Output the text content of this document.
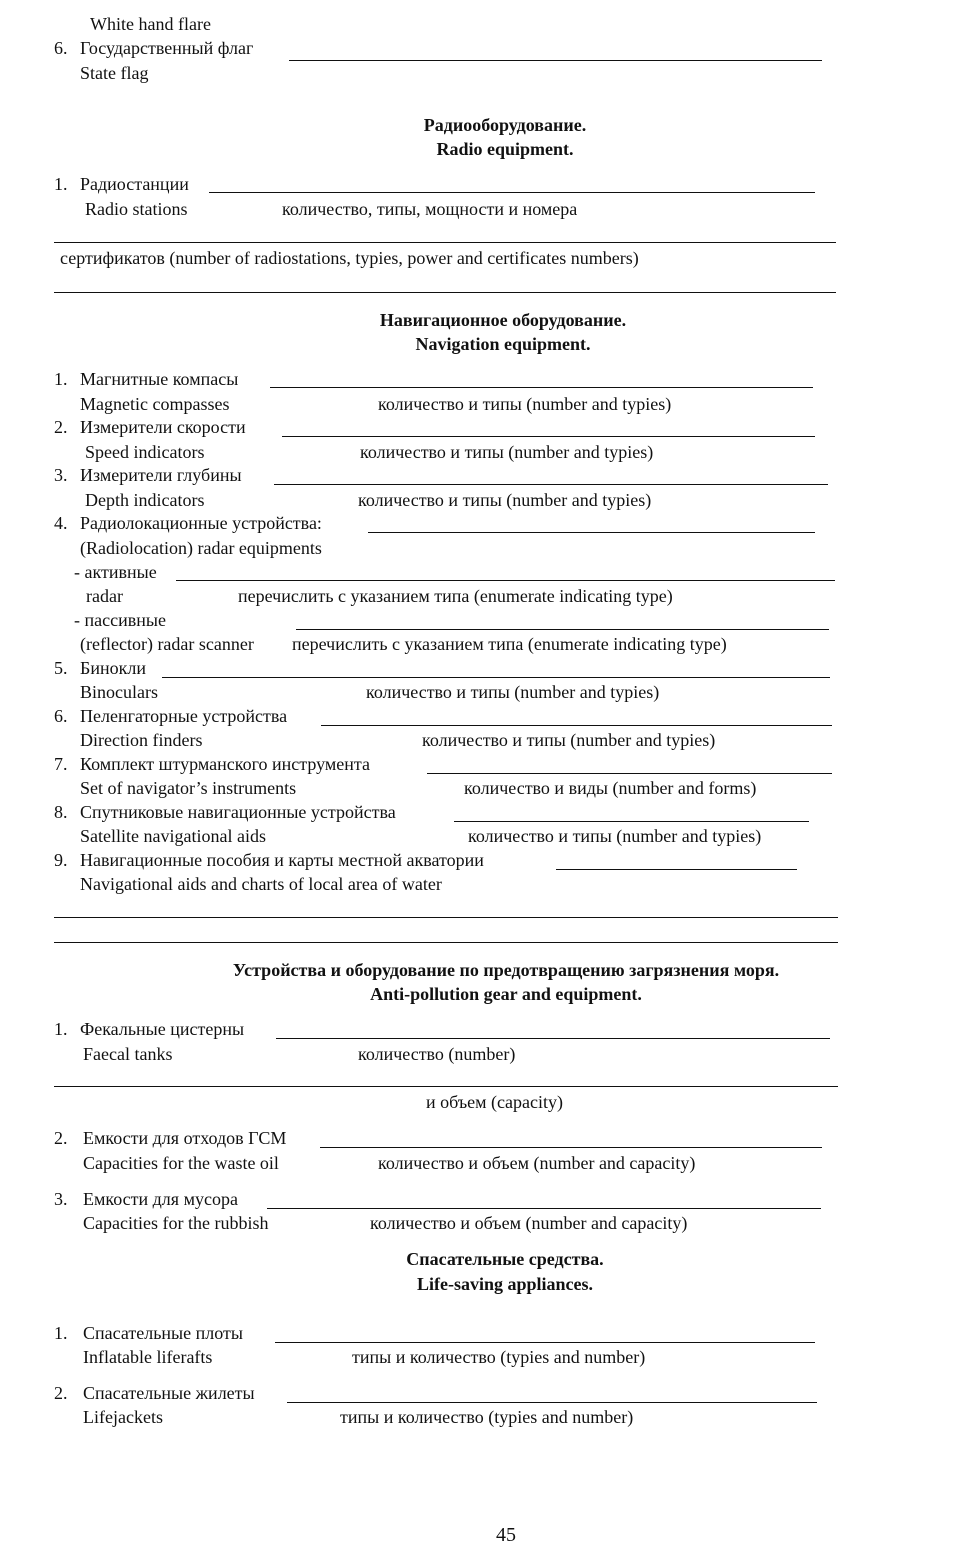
White hand flare
6. Государственный флаг
State flag
Радиооборудование.
Radio equipment.
1. Радиостанции
Radio stations	количество, типы, мощности и номера
сертификатов (number of radiostations, typies, power and certificates numbers)
Навигационное оборудование.
Navigation equipment.
1. Магнитные компасы
Magnetic compasses	количество и типы (number and typies)
2. Измерители скорости
Speed indicators	количество и типы (number and typies)
3. Измерители глубины
Depth indicators	количество и типы (number and typies)
4. Радиолокационные устройства:
(Radiolocation) radar equipments
- активные
radar	перечислить с указанием типа (enumerate indicating type)
- пассивные
(reflector) radar scanner перечислить с указанием типа (enumerate indicating type)
5. Бинокли
Binoculars	количество и типы (number and typies)
6. Пеленгаторные устройства
Direction finders	количество и типы (number and typies)
7. Комплект штурманского инструмента
Set of navigator’s instruments	количество и виды (number and forms)
8. Спутниковые навигационные устройства
Satellite navigational aids	количество и типы (number and typies)
9. Навигационные пособия и карты местной акватории
Navigational aids and charts of local area of water
Устройства и оборудование по предотвращению загрязнения моря.
Anti-pollution gear and equipment.
1. Фекальные цистерны
Faecal tanks	количество (number)
и объем (capacity)
2. Емкости для отходов ГСМ
Capacities for the waste oil	количество и объем (number and capacity)
3. Емкости для мусора
Capacities for the rubbish	количество и объем (number and capacity)
Спасательные средства.
Life-saving appliances.
1. Спасательные плоты
Inflatable liferafts	типы и количество (typies and number)
2. Спасательные жилеты
Lifejackets	типы и количество (typies and number)
45
